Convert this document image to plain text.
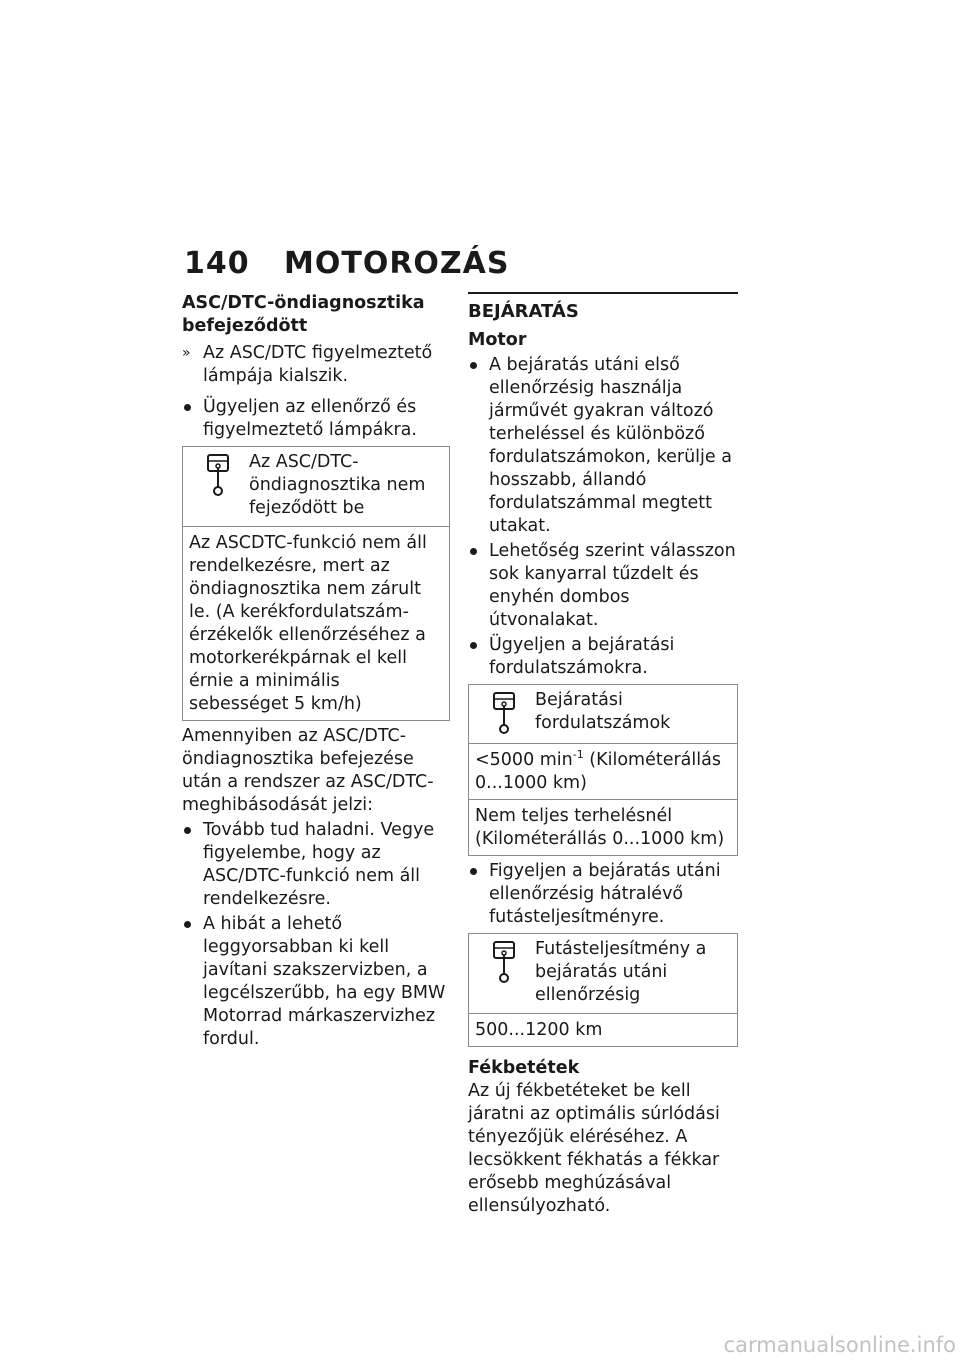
140 MOTOROZÁS

ASC/DTC-öndiagnosztika befejeződött

» Az ASC/DTC figyelmeztető lámpája kialszik.
Ügyeljen az ellenőrző és figyelmeztető lámpákra.
Az ASC/DTC-öndiagnosztika nem fejeződött be
Az ASCDTC-funkció nem áll rendelkezésre, mert az öndiagnosztika nem zárult le. (A kerékfordulatszám-érzékelők ellenőrzéséhez a motorkerékpárnak el kell érnie a minimális sebességet 5 km/h)

Amennyiben az ASC/DTC-öndiagnosztika befejezése után a rendszer az ASC/DTC-meghibásodását jelzi:

Tovább tud haladni. Vegye figyelembe, hogy az ASC/DTC-funkció nem áll rendelkezésre.
A hibát a lehető leggyorsabban ki kell javítani szakszervizben, a legcélszerűbb, ha egy BMW Motorrad márkaszervizhez fordul.

BEJÁRATÁS

Motor

A bejáratás utáni első ellenőrzésig használja járművét gyakran változó terheléssel és különböző fordulatszámokon, kerülje a hosszabb, állandó fordulatszámmal megtett utakat.
Lehetőség szerint válasszon sok kanyarral tűzdelt és enyhén dombos útvonalakat.
Ügyeljen a bejáratási fordulatszámokra.
Bejáratási fordulatszámok
<5000 $\min^{-1}$ (Kilométerállás 0...1000 km)
Nem teljes terhelésnél (Kilométerállás 0...1000 km)
Figyeljen a bejáratás utáni ellenőrzésig hátralévő futásteljesítményre.
Futásteljesítmény a bejáratás utáni ellenőrzésig
500...1200 km

Fékbetétek

Az új fékbetéteket be kell járatni az optimális súrlódási tényezőjük eléréséhez. A lecsökkent fékhatás a fékkar erősebb meghúzásával ellensúlyozható.

carmanualsonline.info
